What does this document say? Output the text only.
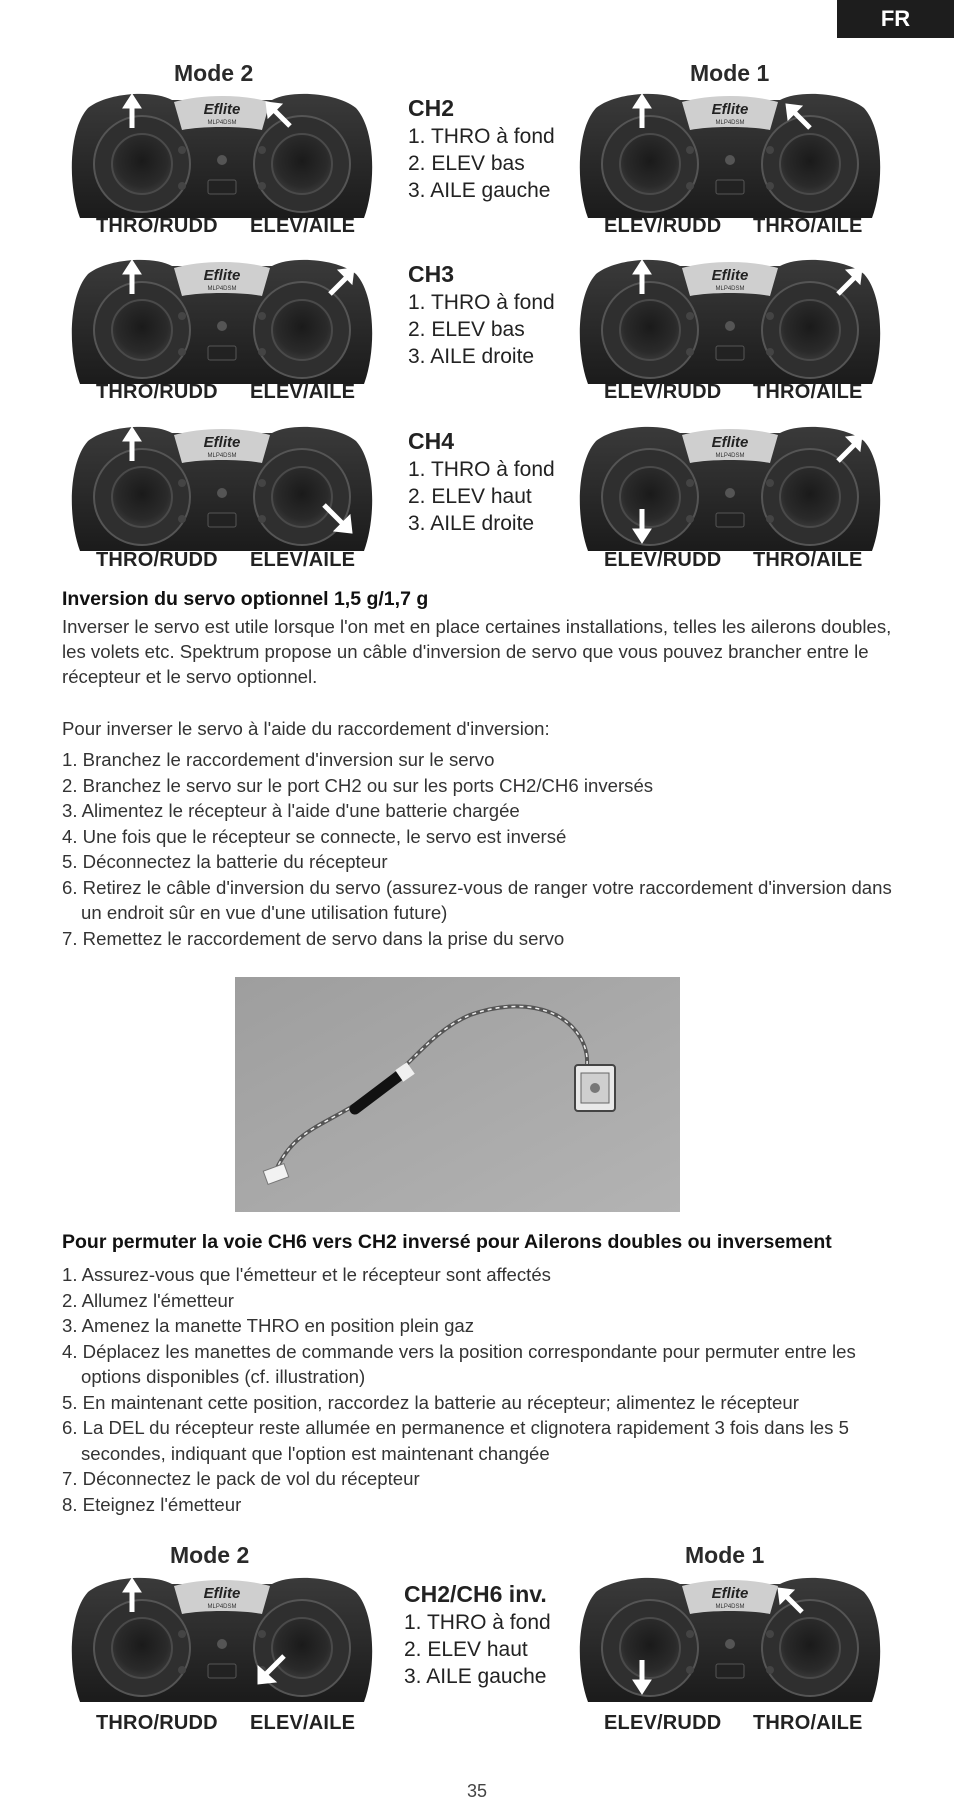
FR
Mode 2	Mode 1
Eflite
MLP4DSM
CH2
1. THRO à fond
2. ELEV bas
3. AILE gauche
Eflite
MLP4DSM
THRO/RUDD ELEV/AILE	ELEV/RUDD THRO/AILE
Eflite
MLP4DSM
CH3
1. THRO à fond
2. ELEV bas
3. AILE droite
Eflite
MLP4DSM
THRO/RUDD ELEV/AILE	ELEV/RUDD THRO/AILE
Eflite
MLP4DSM
CH4
1. THRO à fond
2. ELEV haut
3. AILE droite
Eflite
MLP4DSM
THRO/RUDD ELEV/AILE	ELEV/RUDD THRO/AILE
Inversion du servo optionnel 1,5 g/1,7 g
Inverser le servo est utile lorsque l'on met en place certaines installations, telles les ailerons doubles,
les volets etc. Spektrum propose un câble d'inversion de servo que vous pouvez brancher entre le
récepteur et le servo optionnel.
Pour inverser le servo à l'aide du raccordement d'inversion:
1. Branchez le raccordement d'inversion sur le servo
2. Branchez le servo sur le port CH2 ou sur les ports CH2/CH6 inversés
3. Alimentez le récepteur à l'aide d'une batterie chargée
4. Une fois que le récepteur se connecte, le servo est inversé
5. Déconnectez la batterie du récepteur
6. Retirez le câble d'inversion du servo (assurez-vous de ranger votre raccordement d'inversion dans un endroit sûr en vue d'une utilisation future)
7. Remettez le raccordement de servo dans la prise du servo
Pour permuter la voie CH6 vers CH2 inversé pour Ailerons doubles ou inversement
1. Assurez-vous que l'émetteur et le récepteur sont affectés
2. Allumez l'émetteur
3. Amenez la manette THRO en position plein gaz
4. Déplacez les manettes de commande vers la position correspondante pour permuter entre les options disponibles (cf. illustration)
5. En maintenant cette position, raccordez la batterie au récepteur; alimentez le récepteur
6. La DEL du récepteur reste allumée en permanence et clignotera rapidement 3 fois dans les 5 secondes, indiquant que l'option est maintenant changée
7. Déconnectez le pack de vol du récepteur
8. Eteignez l'émetteur
Mode 2	Mode 1
Eflite
MLP4DSM	CH2/CH6 inv.
1. THRO à fond
2. ELEV haut
3. AILE gauche
Eflite
MLP4DSM
THRO/RUDD ELEV/AILE	ELEV/RUDD THRO/AILE
35
